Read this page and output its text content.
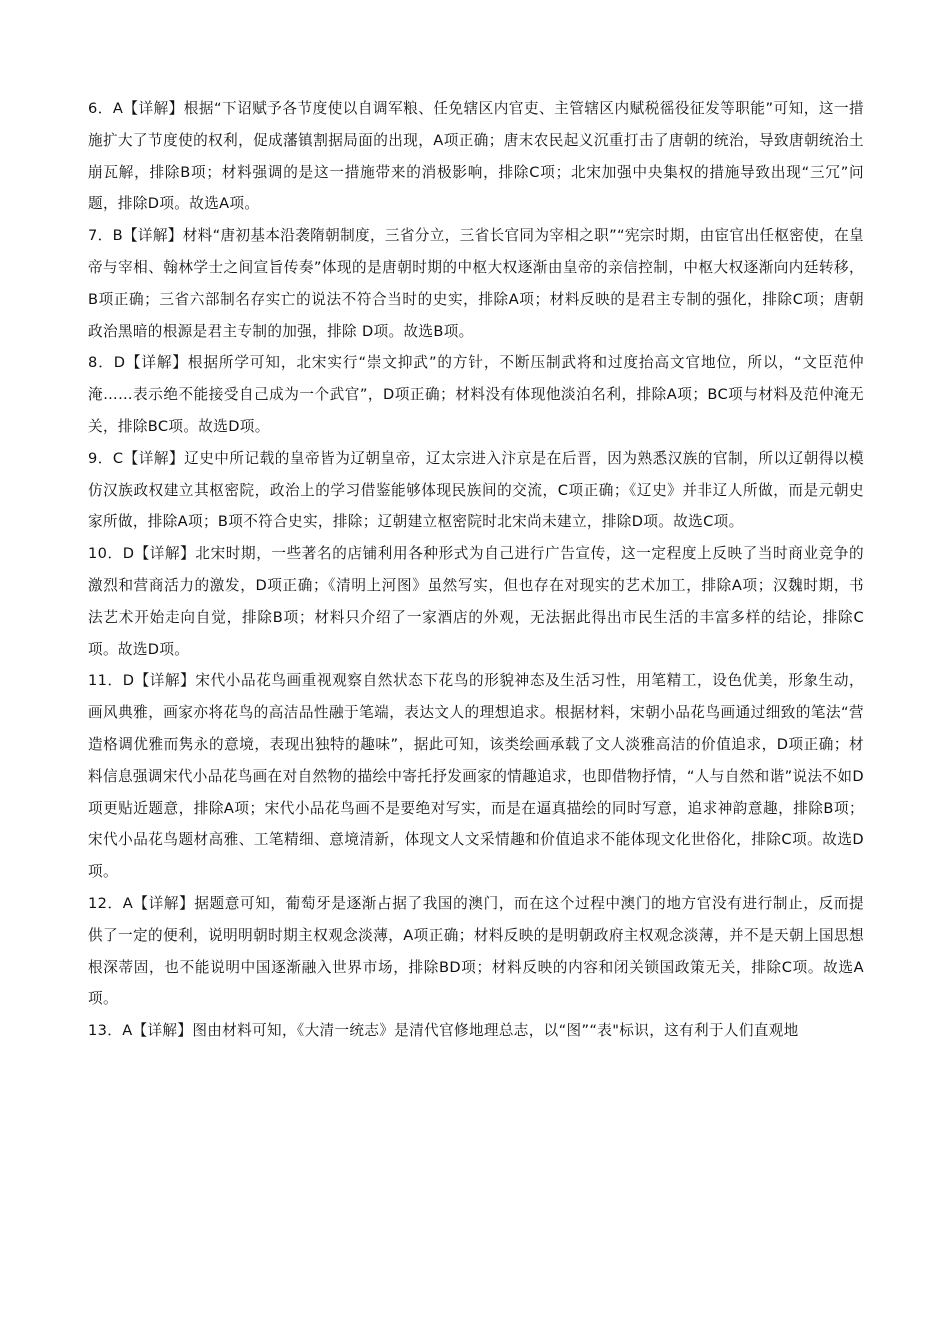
6．A【详解】根据“下诏赋予各节度使以自调军粮、任免辖区内官吏、主管辖区内赋税徭役征发等职能”可知，这一措施扩大了节度使的权利，促成藩镇割据局面的出现，A项正确；唐末农民起义沉重打击了唐朝的统治，导致唐朝统治土崩瓦解，排除B项；材料强调的是这一措施带来的消极影响，排除C项；北宋加强中央集权的措施导致出现“三冗”问题，排除D项。故选A项。

7．B【详解】材料“唐初基本沿袭隋朝制度，三省分立，三省长官同为宰相之职”“宪宗时期，由宦官出任枢密使，在皇帝与宰相、翰林学士之间宣旨传奏”体现的是唐朝时期的中枢大权逐渐由皇帝的亲信控制，中枢大权逐渐向内廷转移，B项正确；三省六部制名存实亡的说法不符合当时的史实，排除A项；材料反映的是君主专制的强化，排除C项；唐朝政治黑暗的根源是君主专制的加强，排除 D项。故选B项。

8．D【详解】根据所学可知，北宋实行“崇文抑武”的方针，不断压制武将和过度抬高文官地位，所以，“文臣范仲淹……表示绝不能接受自己成为一个武官”，D项正确；材料没有体现他淡泊名利，排除A项；BC项与材料及范仲淹无关，排除BC项。故选D项。

9．C【详解】辽史中所记载的皇帝皆为辽朝皇帝，辽太宗进入汴京是在后晋，因为熟悉汉族的官制，所以辽朝得以模仿汉族政权建立其枢密院，政治上的学习借鉴能够体现民族间的交流，C项正确；《辽史》并非辽人所做，而是元朝史家所做，排除A项；B项不符合史实，排除；辽朝建立枢密院时北宋尚未建立，排除D项。故选C项。

10．D【详解】北宋时期，一些著名的店铺利用各种形式为自己进行广告宣传，这一定程度上反映了当时商业竞争的激烈和营商活力的激发，D项正确；《清明上河图》虽然写实，但也存在对现实的艺术加工，排除A项；汉魏时期，书法艺术开始走向自觉，排除B项；材料只介绍了一家酒店的外观，无法据此得出市民生活的丰富多样的结论，排除C项。故选D项。

11．D【详解】宋代小品花鸟画重视观察自然状态下花鸟的形貌神态及生活习性，用笔精工，设色优美，形象生动，画风典雅，画家亦将花鸟的高洁品性融于笔端，表达文人的理想追求。根据材料，宋朝小品花鸟画通过细致的笔法“营造格调优雅而隽永的意境，表现出独特的趣味”，据此可知，该类绘画承载了文人淡雅高洁的价值追求，D项正确；材料信息强调宋代小品花鸟画在对自然物的描绘中寄托抒发画家的情趣追求，也即借物抒情，“人与自然和谐”说法不如D项更贴近题意，排除A项；宋代小品花鸟画不是要绝对写实，而是在逼真描绘的同时写意，追求神韵意趣，排除B项；宋代小品花鸟题材高雅、工笔精细、意境清新，体现文人文采情趣和价值追求不能体现文化世俗化，排除C项。故选D项。

12．A【详解】据题意可知，葡萄牙是逐渐占据了我国的澳门，而在这个过程中澳门的地方官没有进行制止，反而提供了一定的便利，说明明朝时期主权观念淡薄，A项正确；材料反映的是明朝政府主权观念淡薄，并不是天朝上国思想根深蒂固，也不能说明中国逐渐融入世界市场，排除BD项；材料反映的内容和闭关锁国政策无关，排除C项。故选A项。

13．A【详解】图由材料可知，《大清一统志》是清代官修地理总志，以“图”“表"标识，这有利于人们直观地
